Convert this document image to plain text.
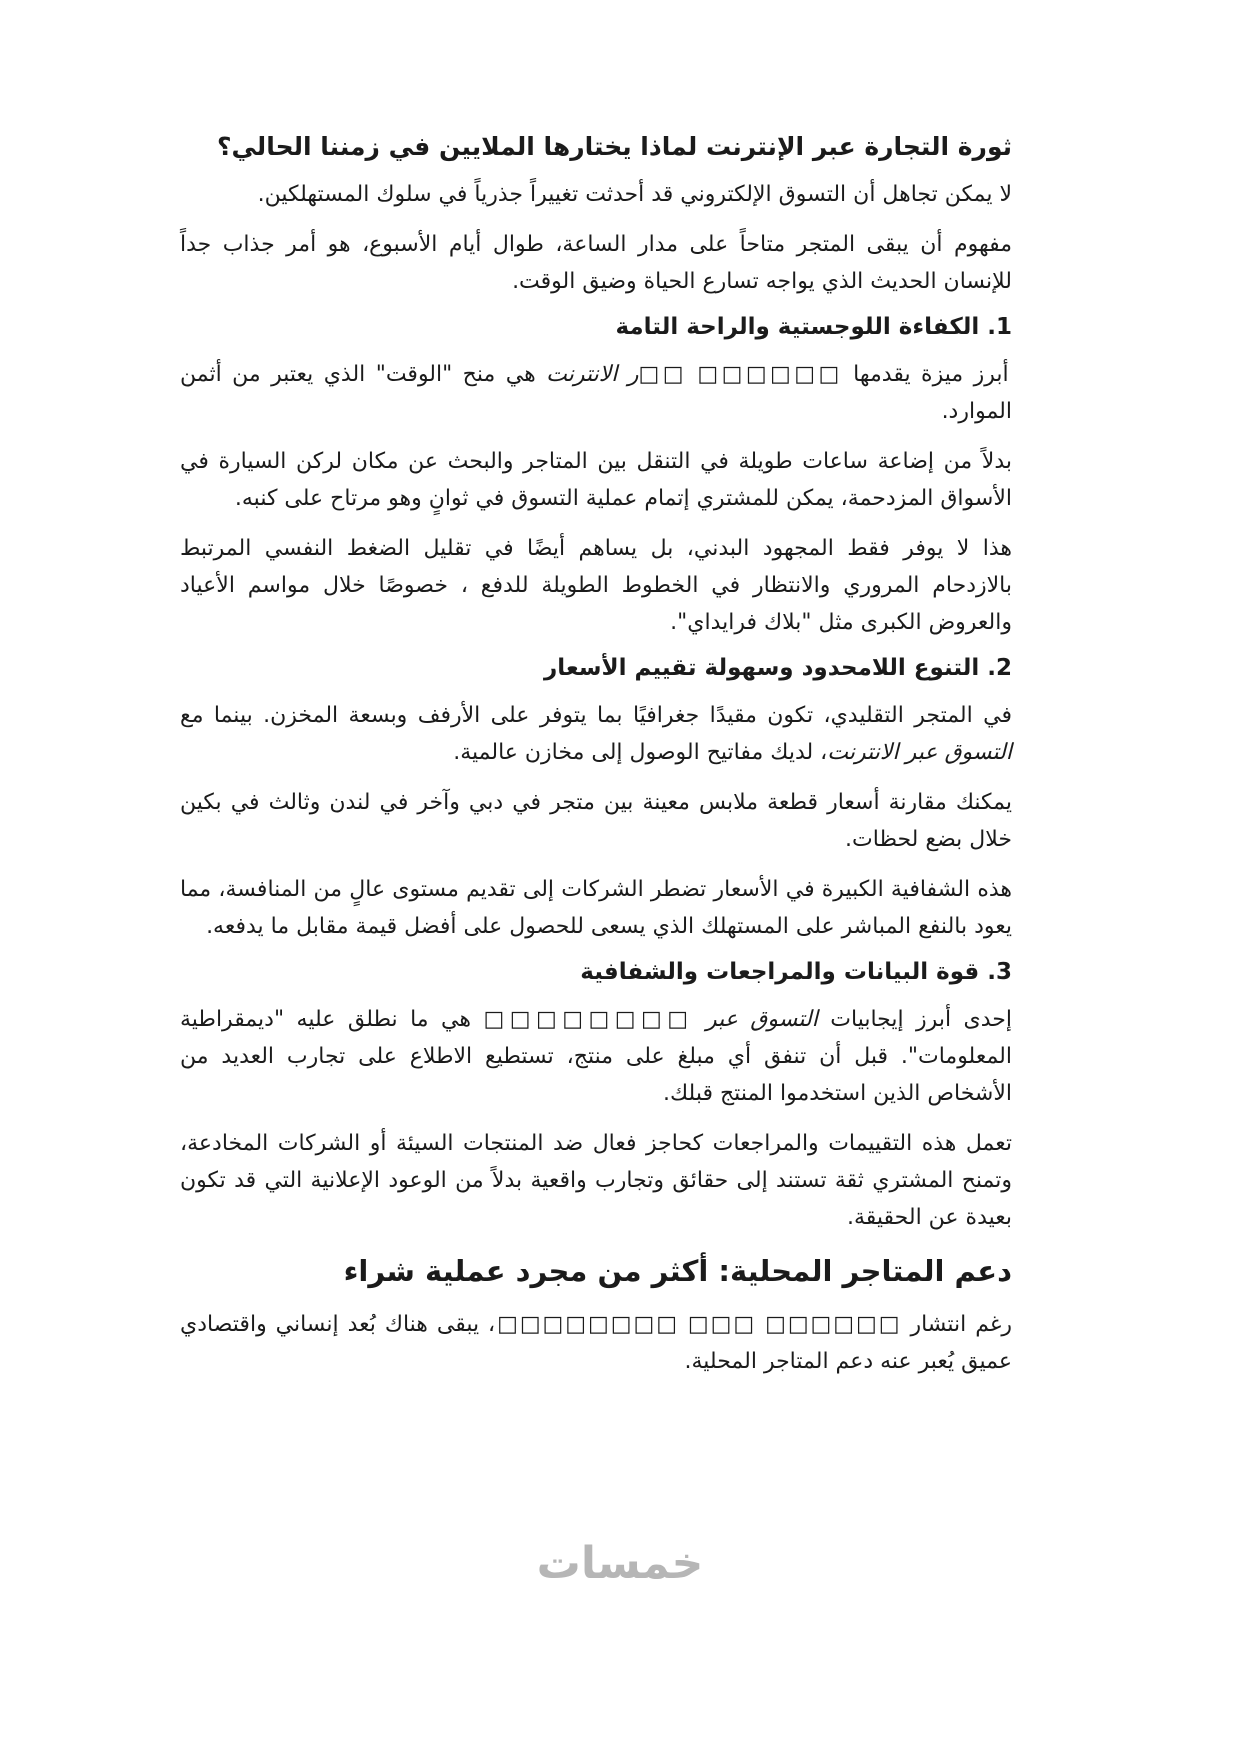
ثورة التجارة عبر الإنترنت لماذا يختارها الملايين في زمننا الحالي؟

لا يمكن تجاهل أن التسوق الإلكتروني قد أحدثت تغييراً جذرياً في سلوك المستهلكين.

مفهوم أن يبقى المتجر متاحاً على مدار الساعة، طوال أيام الأسبوع، هو أمر جذاب جداً للإنسان الحديث الذي يواجه تسارع الحياة وضيق الوقت.

1. الكفاءة اللوجستية والراحة التامة

أبرز ميزة يقدمها □□□□□□ □□ر الانترنت هي منح "الوقت" الذي يعتبر من أثمن الموارد.

بدلاً من إضاعة ساعات طويلة في التنقل بين المتاجر والبحث عن مكان لركن السيارة في الأسواق المزدحمة، يمكن للمشتري إتمام عملية التسوق في ثوانٍ وهو مرتاح على كنبه.

هذا لا يوفر فقط المجهود البدني، بل يساهم أيضًا في تقليل الضغط النفسي المرتبط بالازدحام المروري والانتظار في الخطوط الطويلة للدفع ، خصوصًا خلال مواسم الأعياد والعروض الكبرى مثل "بلاك فرايداي".

2. التنوع اللامحدود وسهولة تقييم الأسعار

في المتجر التقليدي، تكون مقيدًا جغرافيًا بما يتوفر على الأرفف وبسعة المخزن. بينما مع التسوق عبر الانترنت، لديك مفاتيح الوصول إلى مخازن عالمية.

يمكنك مقارنة أسعار قطعة ملابس معينة بين متجر في دبي وآخر في لندن وثالث في بكين خلال بضع لحظات.

هذه الشفافية الكبيرة في الأسعار تضطر الشركات إلى تقديم مستوى عالٍ من المنافسة، مما يعود بالنفع المباشر على المستهلك الذي يسعى للحصول على أفضل قيمة مقابل ما يدفعه.

3. قوة البيانات والمراجعات والشفافية

إحدى أبرز إيجابيات التسوق عبر □□□□□□□□ هي ما نطلق عليه "ديمقراطية المعلومات". قبل أن تنفق أي مبلغ على منتج، تستطيع الاطلاع على تجارب العديد من الأشخاص الذين استخدموا المنتج قبلك.

تعمل هذه التقييمات والمراجعات كحاجز فعال ضد المنتجات السيئة أو الشركات المخادعة، وتمنح المشتري ثقة تستند إلى حقائق وتجارب واقعية بدلاً من الوعود الإعلانية التي قد تكون بعيدة عن الحقيقة.

دعم المتاجر المحلية: أكثر من مجرد عملية شراء

رغم انتشار □□□□□□ □□□ □□□□□□□□، يبقى هناك بُعد إنساني واقتصادي عميق يُعبر عنه دعم المتاجر المحلية.

خمسات
